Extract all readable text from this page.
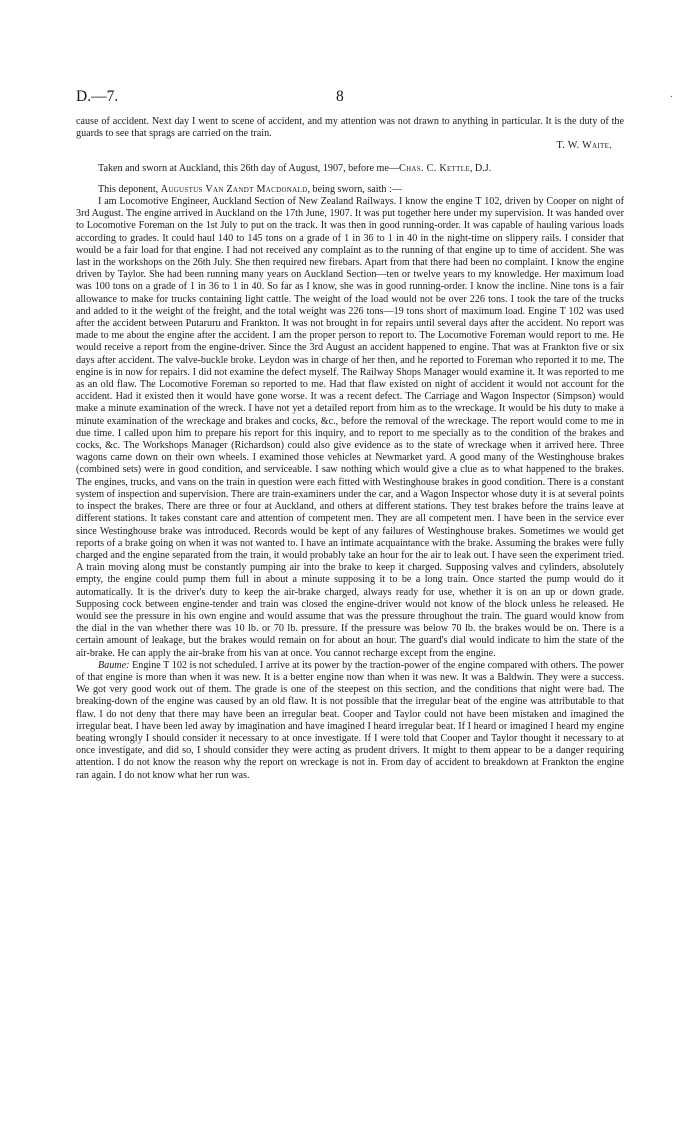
D.—7.	8	.

cause of accident. Next day I went to scene of accident, and my attention was not drawn to anything in particular. It is the duty of the guards to see that sprags are carried on the train.

T. W. Waite.

Taken and sworn at Auckland, this 26th day of August, 1907, before me—Chas. C. Kettle, D.J.

This deponent, Augustus Van Zandt Macdonald, being sworn, saith :—

I am Locomotive Engineer, Auckland Section of New Zealand Railways. I know the engine T 102, driven by Cooper on night of 3rd August. The engine arrived in Auckland on the 17th June, 1907. It was put together here under my supervision. It was handed over to Locomotive Foreman on the 1st July to put on the track. It was then in good running-order. It was capable of hauling various loads according to grades. It could haul 140 to 145 tons on a grade of 1 in 36 to 1 in 40 in the night-time on slippery rails. I consider that would be a fair load for that engine. I had not received any complaint as to the running of that engine up to time of accident. She was last in the workshops on the 26th July. She then required new firebars. Apart from that there had been no complaint. I know the engine driven by Taylor. She had been running many years on Auckland Section—ten or twelve years to my knowledge. Her maximum load was 100 tons on a grade of 1 in 36 to 1 in 40. So far as I know, she was in good running-order. I know the incline. Nine tons is a fair allowance to make for trucks containing light cattle. The weight of the load would not be over 226 tons. I took the tare of the trucks and added to it the weight of the freight, and the total weight was 226 tons—19 tons short of maximum load. Engine T 102 was used after the accident between Putaruru and Frankton. It was not brought in for repairs until several days after the accident. No report was made to me about the engine after the accident. I am the proper person to report to. The Locomotive Foreman would report to me. He would receive a report from the engine-driver. Since the 3rd August an accident happened to engine. That was at Frankton five or six days after accident. The valve-buckle broke. Leydon was in charge of her then, and he reported to Foreman who reported it to me. The engine is in now for repairs. I did not examine the defect myself. The Railway Shops Manager would examine it. It was reported to me as an old flaw. The Locomotive Foreman so reported to me. Had that flaw existed on night of accident it would not account for the accident. Had it existed then it would have gone worse. It was a recent defect. The Carriage and Wagon Inspector (Simpson) would make a minute examination of the wreck. I have not yet a detailed report from him as to the wreckage. It would be his duty to make a minute examination of the wreckage and brakes and cocks, &c., before the removal of the wreckage. The report would come to me in due time. I called upon him to prepare his report for this inquiry, and to report to me specially as to the condition of the brakes and cocks, &c. The Workshops Manager (Richardson) could also give evidence as to the state of wreckage when it arrived here. Three wagons came down on their own wheels. I examined those vehicles at Newmarket yard. A good many of the Westinghouse brakes (combined sets) were in good condition, and serviceable. I saw nothing which would give a clue as to what happened to the brakes. The engines, trucks, and vans on the train in question were each fitted with Westinghouse brakes in good condition. There is a constant system of inspection and supervision. There are train-examiners under the car, and a Wagon Inspector whose duty it is at several points to inspect the brakes. There are three or four at Auckland, and others at different stations. They test brakes before the trains leave at different stations. It takes constant care and attention of competent men. They are all competent men. I have been in the service ever since Westinghouse brake was introduced. Records would be kept of any failures of Westinghouse brakes. Sometimes we would get reports of a brake going on when it was not wanted to. I have an intimate acquaintance with the brake. Assuming the brakes were fully charged and the engine separated from the train, it would probably take an hour for the air to leak out. I have seen the experiment tried. A train moving along must be constantly pumping air into the brake to keep it charged. Supposing valves and cylinders, absolutely empty, the engine could pump them full in about a minute supposing it to be a long train. Once started the pump would do it automatically. It is the driver's duty to keep the air-brake charged, always ready for use, whether it is on an up or down grade. Supposing cock between engine-tender and train was closed the engine-driver would not know of the block unless he released. He would see the pressure in his own engine and would assume that was the pressure throughout the train. The guard would know from the dial in the van whether there was 10 lb. or 70 lb. pressure. If the pressure was below 70 lb. the brakes would be on. There is a certain amount of leakage, but the brakes would remain on for about an hour. The guard's dial would indicate to him the state of the air-brake. He can apply the air-brake from his van at once. You cannot recharge except from the engine.

Baume: Engine T 102 is not scheduled. I arrive at its power by the traction-power of the engine compared with others. The power of that engine is more than when it was new. It is a better engine now than when it was new. It was a Baldwin. They were a success. We got very good work out of them. The grade is one of the steepest on this section, and the conditions that night were bad. The breaking-down of the engine was caused by an old flaw. It is not possible that the irregular beat of the engine was attributable to that flaw. I do not deny that there may have been an irregular beat. Cooper and Taylor could not have been mistaken and imagined the irregular beat. I have been led away by imagination and have imagined I heard irregular beat. If I heard or imagined I heard my engine beating wrongly I should consider it necessary to at once investigate. If I were told that Cooper and Taylor thought it necessary to at once investigate, and did so, I should consider they were acting as prudent drivers. It might to them appear to be a danger requiring attention. I do not know the reason why the report on wreckage is not in. From day of accident to breakdown at Frankton the engine ran again. I do not know what her run was.
